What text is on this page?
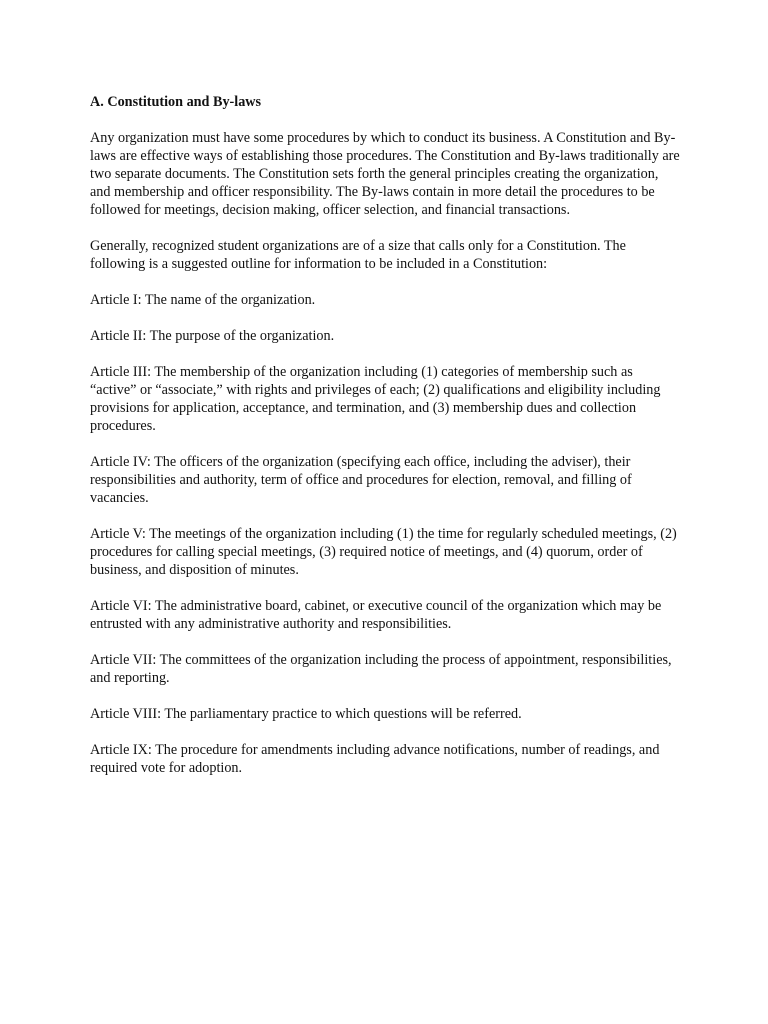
A. Constitution and By-laws

Any organization must have some procedures by which to conduct its business. A Constitution and By-laws are effective ways of establishing those procedures. The Constitution and By-laws traditionally are two separate documents. The Constitution sets forth the general principles creating the organization, and membership and officer responsibility. The By-laws contain in more detail the procedures to be followed for meetings, decision making, officer selection, and financial transactions.

Generally, recognized student organizations are of a size that calls only for a Constitution. The following is a suggested outline for information to be included in a Constitution:

Article I: The name of the organization.

Article II: The purpose of the organization.

Article III: The membership of the organization including (1) categories of membership such as “active” or “associate,” with rights and privileges of each; (2) qualifications and eligibility including provisions for application, acceptance, and termination, and (3) membership dues and collection procedures.

Article IV: The officers of the organization (specifying each office, including the adviser), their responsibilities and authority, term of office and procedures for election, removal, and filling of vacancies.

Article V: The meetings of the organization including (1) the time for regularly scheduled meetings, (2) procedures for calling special meetings, (3) required notice of meetings, and (4) quorum, order of business, and disposition of minutes.

Article VI: The administrative board, cabinet, or executive council of the organization which may be entrusted with any administrative authority and responsibilities.

Article VII: The committees of the organization including the process of appointment, responsibilities, and reporting.

Article VIII: The parliamentary practice to which questions will be referred.

Article IX: The procedure for amendments including advance notifications, number of readings, and required vote for adoption.
